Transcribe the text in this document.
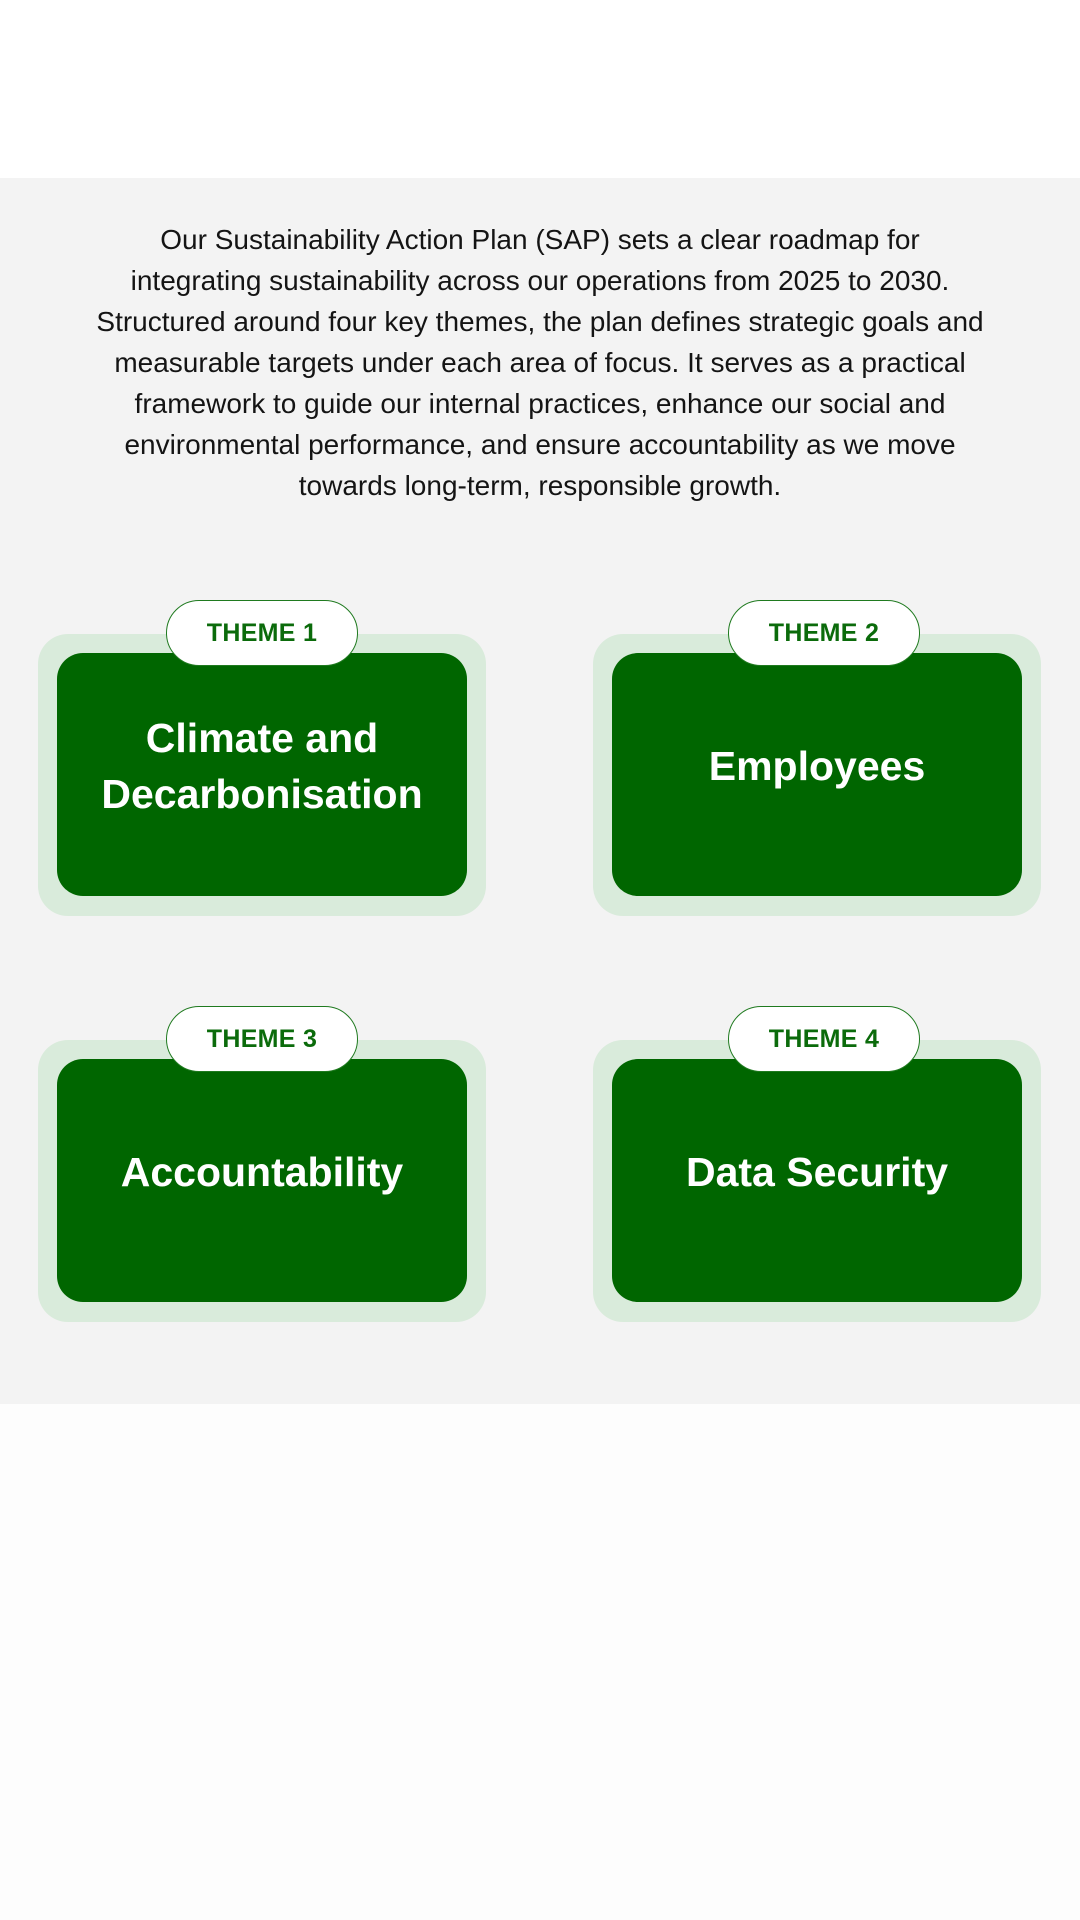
Our Sustainability Action Plan (SAP) sets a clear roadmap for integrating sustainability across our operations from 2025 to 2030. Structured around four key themes, the plan defines strategic goals and measurable targets under each area of focus. It serves as a practical framework to guide our internal practices, enhance our social and environmental performance, and ensure accountability as we move towards long-term, responsible growth.

Climate and
Decarbonisation
THEME 1
Employees
THEME 2
Accountability
THEME 3
Data Security
THEME 4
